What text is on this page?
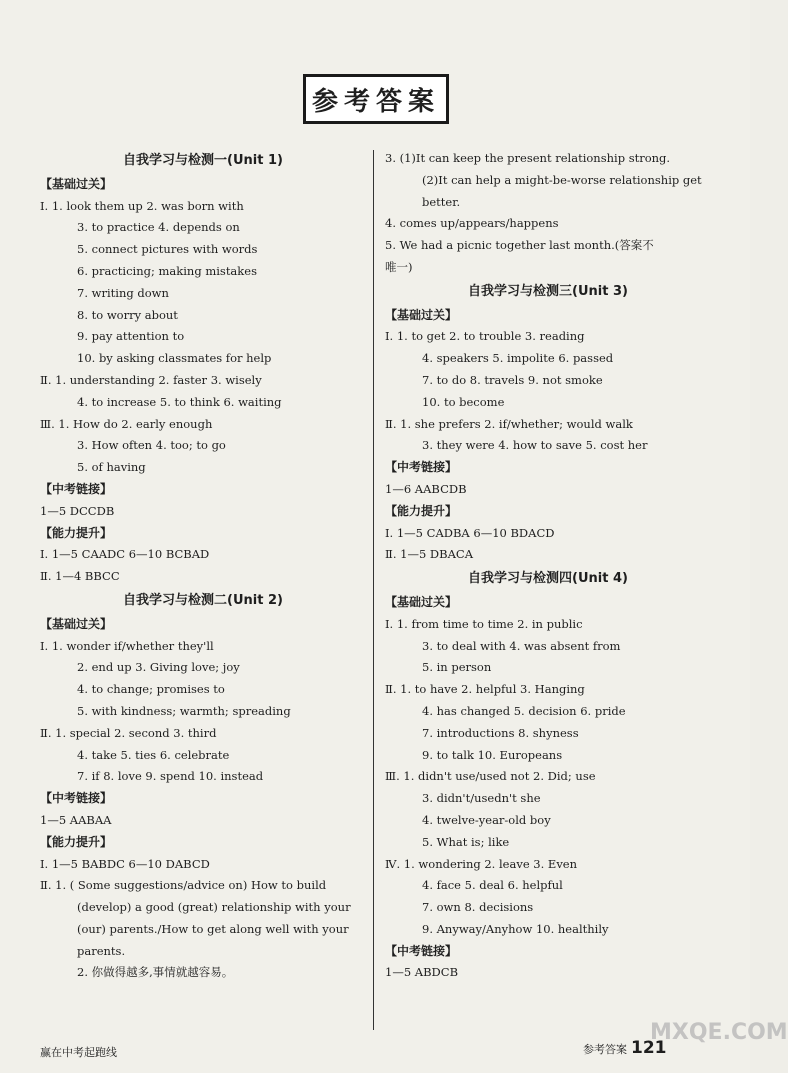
参考答案
自我学习与检测一(Unit 1)
【基础过关】
Ⅰ. 1. look them up 2. was born with
3. to practice 4. depends on
5. connect pictures with words
6. practicing; making mistakes
7. writing down
8. to worry about
9. pay attention to
10. by asking classmates for help
Ⅱ. 1. understanding 2. faster 3. wisely
4. to increase 5. to think 6. waiting
Ⅲ. 1. How do 2. early enough
3. How often 4. too; to go
5. of having
【中考链接】
1—5 DCCDB
【能力提升】
Ⅰ. 1—5 CAADC 6—10 BCBAD
Ⅱ. 1—4 BBCC
自我学习与检测二(Unit 2)
【基础过关】
Ⅰ. 1. wonder if/whether they'll
2. end up 3. Giving love; joy
4. to change; promises to
5. with kindness; warmth; spreading
Ⅱ. 1. special 2. second 3. third
4. take 5. ties 6. celebrate
7. if 8. love 9. spend 10. instead
【中考链接】
1—5 AABAA
【能力提升】
Ⅰ. 1—5 BABDC 6—10 DABCD
Ⅱ. 1. ( Some suggestions/advice on) How to build
(develop) a good (great) relationship with your (our) parents./How to get along well with your parents.
2. 你做得越多,事情就越容易。
3. (1)It can keep the present relationship strong.
(2)It can help a might-be-worse relationship get better.
4. comes up/appears/happens
5. We had a picnic together last month.(答案不
唯一)
自我学习与检测三(Unit 3)
【基础过关】
Ⅰ. 1. to get 2. to trouble 3. reading
4. speakers 5. impolite 6. passed
7. to do 8. travels 9. not smoke
10. to become
Ⅱ. 1. she prefers 2. if/whether; would walk
3. they were 4. how to save 5. cost her
【中考链接】
1—6 AABCDB
【能力提升】
Ⅰ. 1—5 CADBA 6—10 BDACD
Ⅱ. 1—5 DBACA
自我学习与检测四(Unit 4)
【基础过关】
Ⅰ. 1. from time to time 2. in public
3. to deal with 4. was absent from
5. in person
Ⅱ. 1. to have 2. helpful 3. Hanging
4. has changed 5. decision 6. pride
7. introductions 8. shyness
9. to talk 10. Europeans
Ⅲ. 1. didn't use/used not 2. Did; use
3. didn't/usedn't she
4. twelve-year-old boy
5. What is; like
Ⅳ. 1. wondering 2. leave 3. Even
4. face 5. deal 6. helpful
7. own 8. decisions
9. Anyway/Anyhow 10. healthily
【中考链接】
1—5 ABDCB
赢在中考起跑线	参考答案 121
MXQE.COM
